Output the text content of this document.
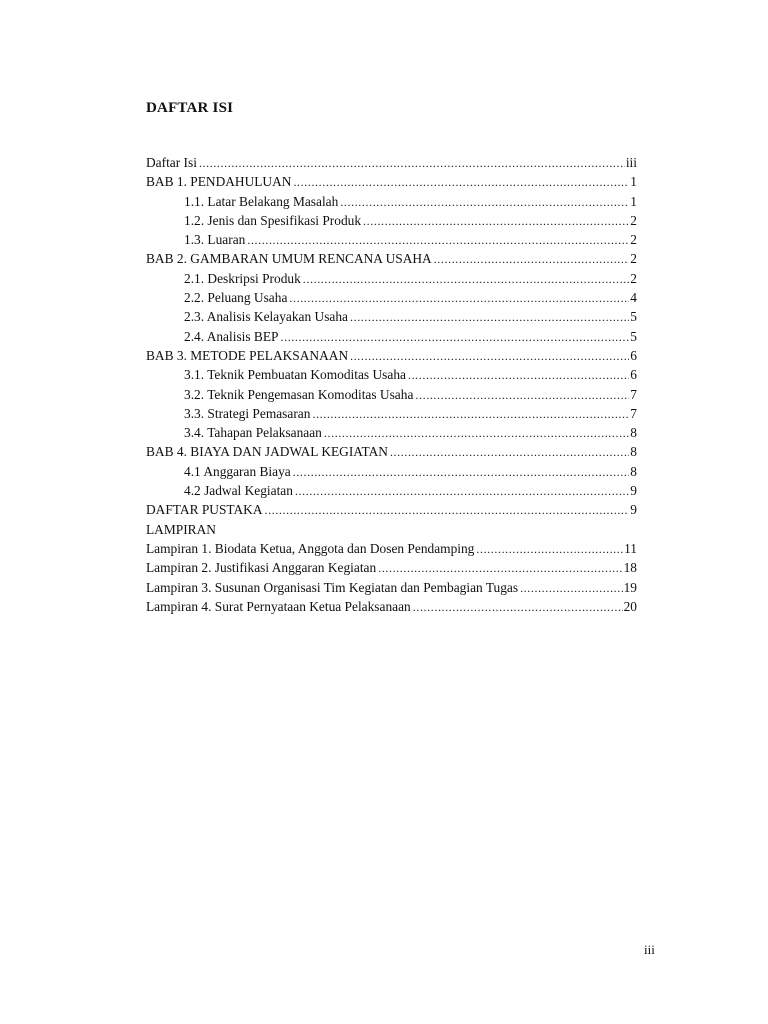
DAFTAR ISI
Daftar Isi .....	iii
BAB 1. PENDAHULUAN .....	1
1.1. Latar Belakang Masalah .....	1
1.2. Jenis dan Spesifikasi Produk .....	2
1.3. Luaran .....	2
BAB 2. GAMBARAN UMUM RENCANA USAHA .....	2
2.1. Deskripsi Produk .....	2
2.2. Peluang Usaha .....	4
2.3. Analisis Kelayakan Usaha .....	5
2.4. Analisis BEP .....	5
BAB 3. METODE PELAKSANAAN .....	6
3.1. Teknik Pembuatan Komoditas Usaha .....	6
3.2. Teknik Pengemasan Komoditas Usaha .....	7
3.3. Strategi Pemasaran .....	7
3.4. Tahapan Pelaksanaan .....	8
BAB 4. BIAYA DAN JADWAL KEGIATAN .....	8
4.1 Anggaran Biaya .....	8
4.2 Jadwal Kegiatan .....	9
DAFTAR PUSTAKA .....	9
LAMPIRAN
Lampiran 1. Biodata Ketua, Anggota dan Dosen Pendamping .....	11
Lampiran 2. Justifikasi Anggaran Kegiatan .....	18
Lampiran 3. Susunan Organisasi Tim Kegiatan dan Pembagian Tugas .....	19
Lampiran 4. Surat Pernyataan Ketua Pelaksanaan .....	20
iii
